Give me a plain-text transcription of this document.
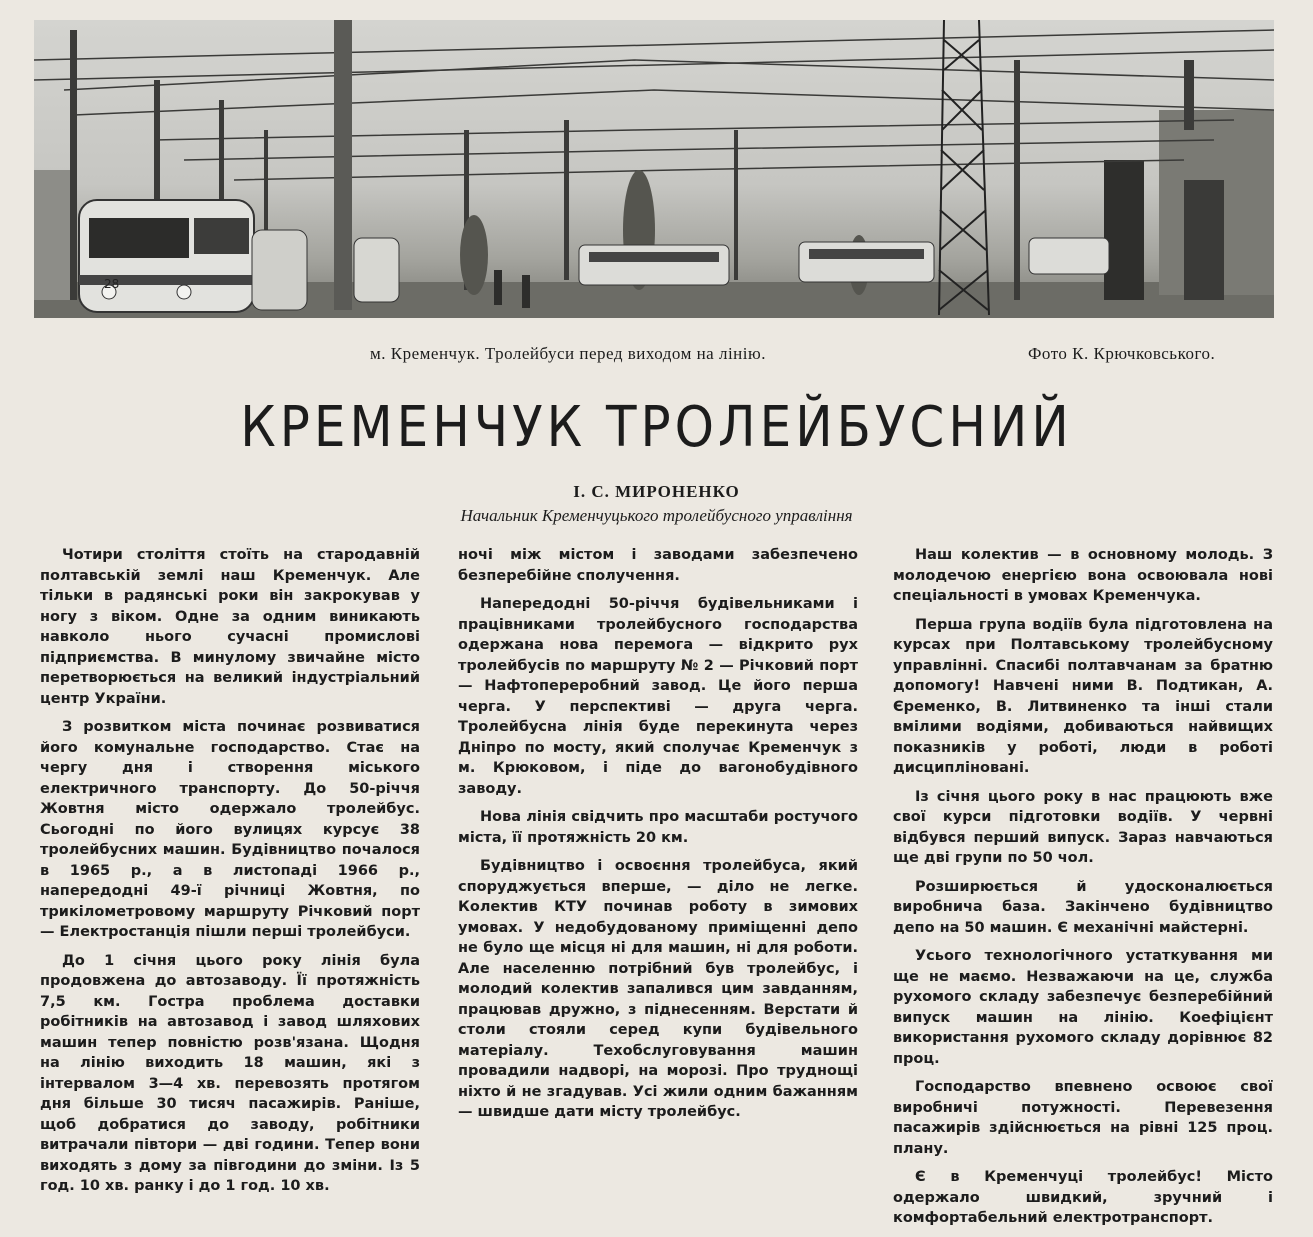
28
м. Кременчук. Тролейбуси перед виходом на лінію.	Фото К. Крючковського.
КРЕМЕНЧУК ТРОЛЕЙБУСНИЙ
І. С. МИРОНЕНКО
Начальник Кременчуцького тролейбусного управління

Чотири століття стоїть на стародавній полтавській землі наш Кременчук. Але тільки в радянські роки він закрокував у ногу з віком. Одне за одним виникають навколо нього сучасні промислові підприємства. В минулому звичайне місто перетворюється на великий індустріальний центр України.

З розвитком міста починає розвиватися його комунальне господарство. Стає на чергу дня і створення міського електричного транспорту. До 50-річчя Жовтня місто одержало тролейбус. Сьогодні по його вулицях курсує 38 тролейбусних машин. Будівництво почалося в 1965 р., а в листопаді 1966 р., напередодні 49-ї річниці Жовтня, по трикілометровому маршруту Річковий порт — Електростанція пішли перші тролейбуси.

До 1 січня цього року лінія була продовжена до автозаводу. Її протяжність 7,5 км. Гостра проблема доставки робітників на автозавод і завод шляхових машин тепер повністю розв'язана. Щодня на лінію виходить 18 машин, які з інтервалом 3—4 хв. перевозять протягом дня більше 30 тисяч пасажирів. Раніше, щоб добратися до заводу, робітники витрачали півтори — дві години. Тепер вони виходять з дому за півгодини до зміни. Із 5 год. 10 хв. ранку і до 1 год. 10 хв.

ночі між містом і заводами забезпечено безперебійне сполучення.

Напередодні 50-річчя будівельниками і працівниками тролейбусного господарства одержана нова перемога — відкрито рух тролейбусів по маршруту № 2 — Річковий порт — Нафтопереробний завод. Це його перша черга. У перспективі — друга черга. Тролейбусна лінія буде перекинута через Дніпро по мосту, який сполучає Кременчук з м. Крюковом, і піде до вагонобудівного заводу.

Нова лінія свідчить про масштаби ростучого міста, її протяжність 20 км.

Будівництво і освоєння тролейбуса, який споруджується вперше, — діло не легке. Колектив КТУ починав роботу в зимових умовах. У недобудованому приміщенні депо не було ще місця ні для машин, ні для роботи. Але населенню потрібний був тролейбус, і молодий колектив запалився цим завданням, працював дружно, з піднесенням. Верстати й столи стояли серед купи будівельного матеріалу. Техобслуговування машин провадили надворі, на морозі. Про труднощі ніхто й не згадував. Усі жили одним бажанням — швидше дати місту тролейбус.

Наш колектив — в основному молодь. З молодечою енергією вона освоювала нові спеціальності в умовах Кременчука.

Перша група водіїв була підготовлена на курсах при Полтавському тролейбусному управлінні. Спасибі полтавчанам за братню допомогу! Навчені ними В. Подтикан, А. Єременко, В. Литвиненко та інші стали вмілими водіями, добиваються найвищих показників у роботі, люди в роботі дисципліновані.

Із січня цього року в нас працюють вже свої курси підготовки водіїв. У червні відбувся перший випуск. Зараз навчаються ще дві групи по 50 чол.

Розширюється й удосконалюється виробнича база. Закінчено будівництво депо на 50 машин. Є механічні майстерні.

Усього технологічного устаткування ми ще не маємо. Незважаючи на це, служба рухомого складу забезпечує безперебійний випуск машин на лінію. Коефіцієнт використання рухомого складу дорівнює 82 проц.

Господарство впевнено освоює свої виробничі потужності. Перевезення пасажирів здійснюється на рівні 125 проц. плану.

Є в Кременчуці тролейбус! Місто одержало швидкий, зручний і комфортабельний електротранспорт.
